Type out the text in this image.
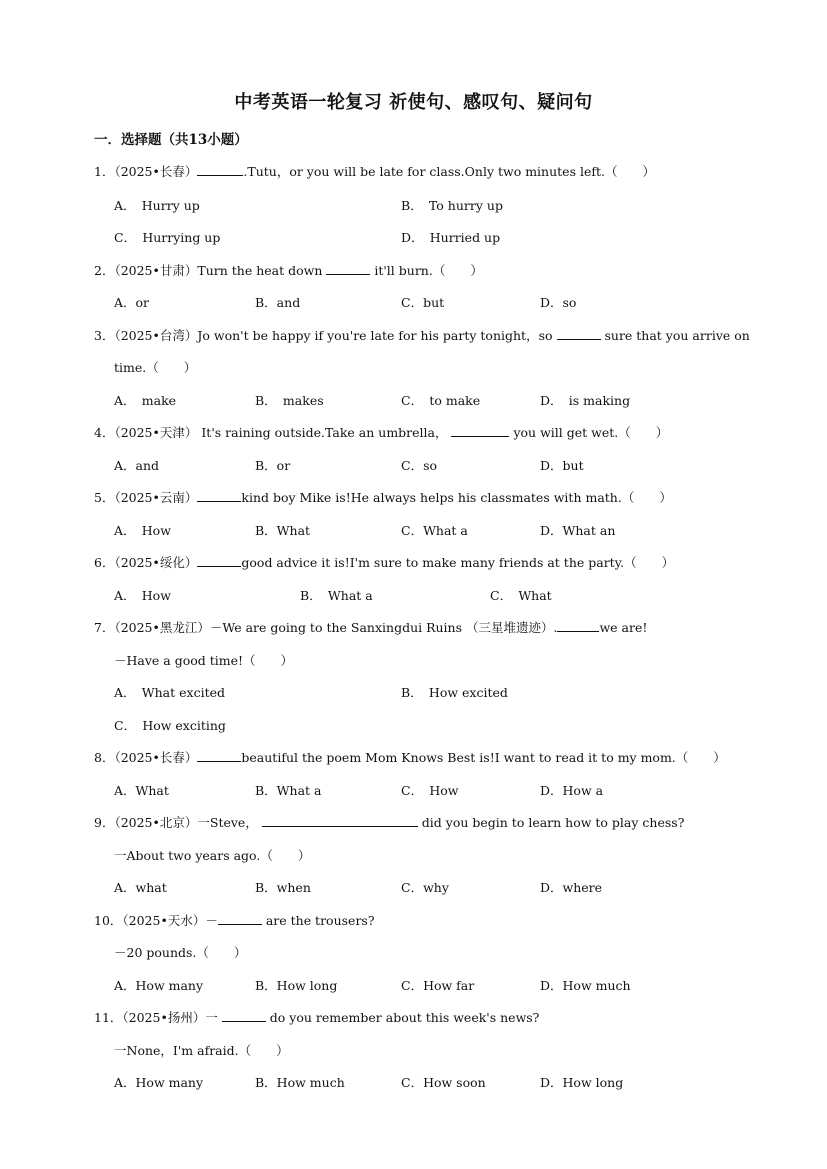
中考英语一轮复习 祈使句、感叹句、疑问句
一．选择题（共13小题）
1．（2025•长春）	.Tutu，or you will be late for class.Only two minutes left.（　　）
A．　Hurry up	B．　To hurry up
C．　Hurrying up	D．　Hurried up
2．（2025•甘肃）Turn the heat down	it'll burn.（　　）
A．or	B．and	C．but	D．so
3．（2025•台湾）Jo won't be happy if you're late for his party tonight，so	sure that you arrive on
time.（　　）
A．　make	B．　makes	C．　to make	D．　is making
4．（2025•天津） It's raining outside.Take an umbrella，	you will get wet.（　　）
A．and	B．or	C．so	D．but
5．（2025•云南）	kind boy Mike is!He always helps his classmates with math.（　　）
A．　How	B．What	C．What a	D．What an
6．（2025•绥化）	good advice it is!I'm sure to make many friends at the party.（　　）
A．　How	B．　What a	C．　What
7．（2025•黑龙江）－We are going to the Sanxingdui Ruins （三星堆遗迹）.	we are!
－Have a good time!（　　）
A．　What excited	B．　How excited
C．　How exciting
8．（2025•长春）	beautiful the poem Mom Knows Best is!I want to read it to my mom.（　　）
A．What	B．What a	C．　How	D．How a
9．（2025•北京）一Steve，	did you begin to learn how to play chess?
一About two years ago.（　　）
A．what	B．when	C．why	D．where
10．（2025•天水）－	are the trousers?
－20 pounds.（　　）
A．How many	B．How long	C．How far	D．How much
11．（2025•扬州）一	do you remember about this week's news?
一None，I'm afraid.（　　）
A．How many	B．How much	C．How soon	D．How long
